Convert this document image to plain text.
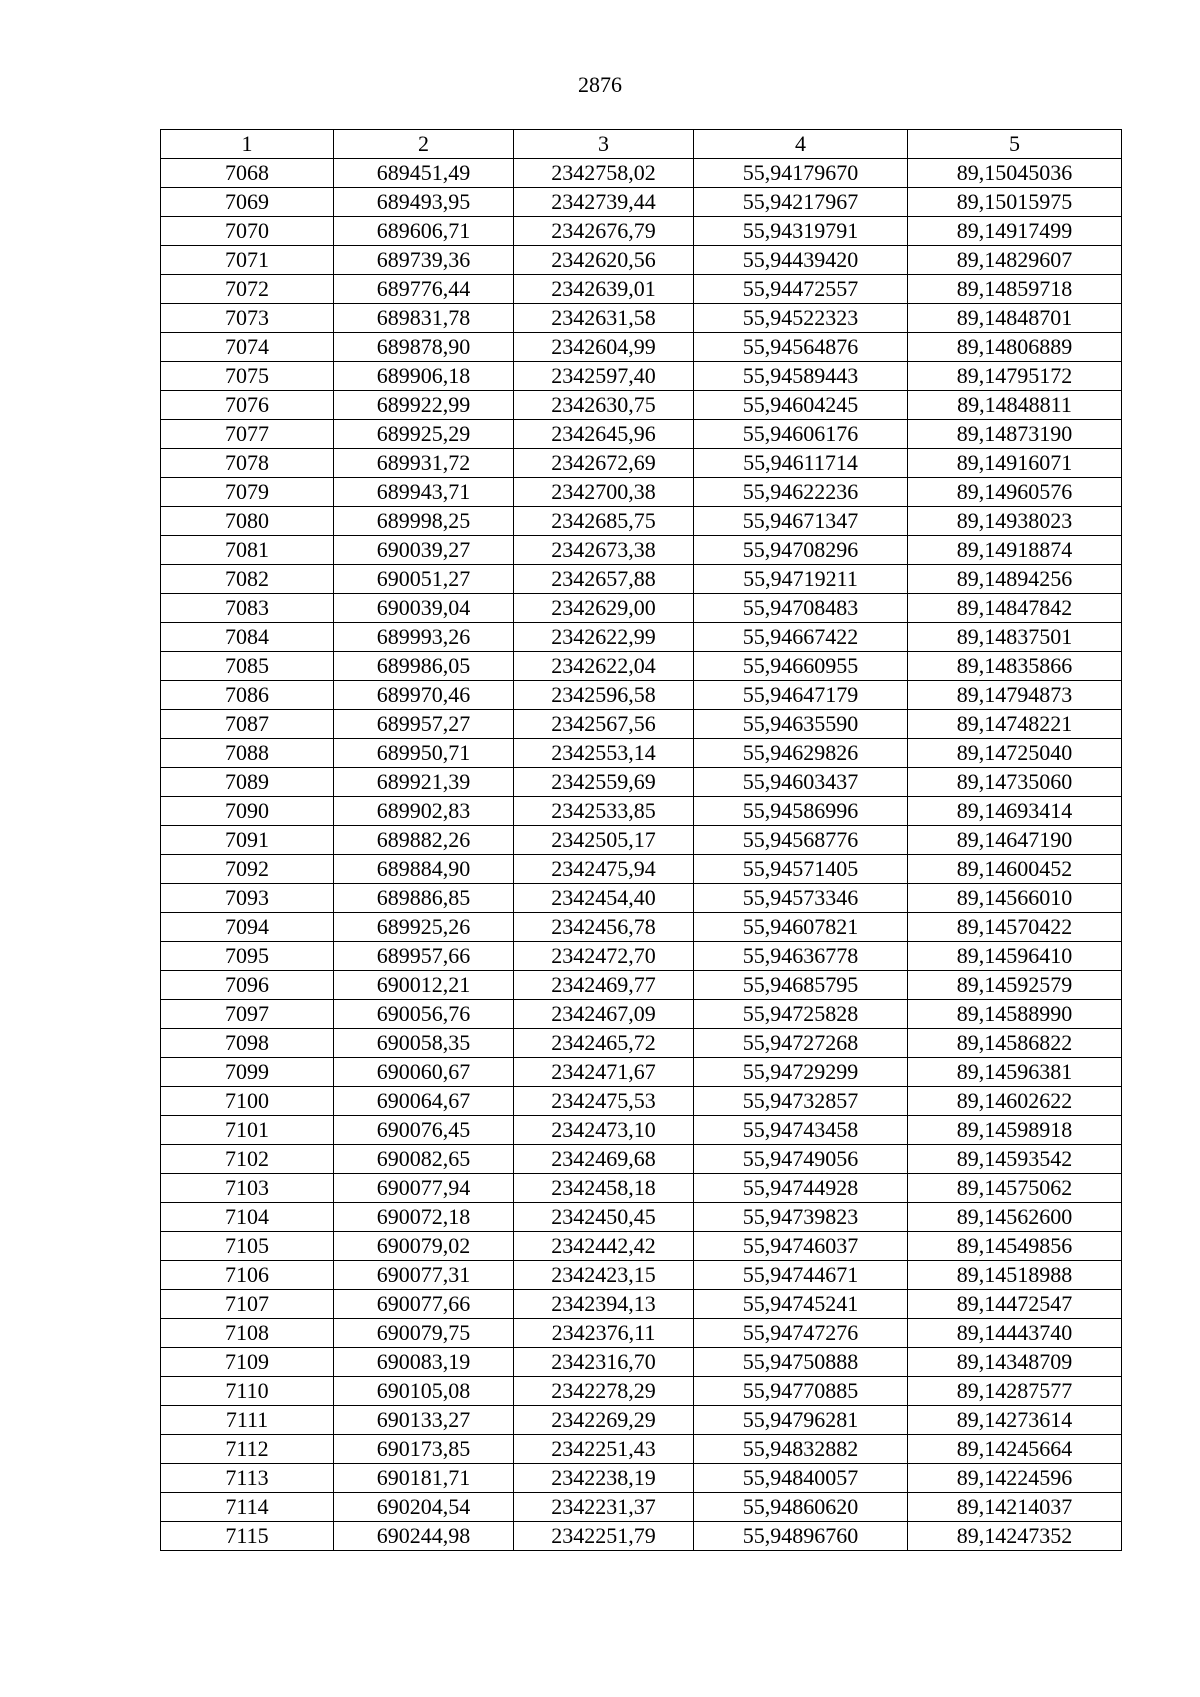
2876
1	2	3	4	5
7068	689451,49	2342758,02	55,94179670	89,15045036
7069	689493,95	2342739,44	55,94217967	89,15015975
7070	689606,71	2342676,79	55,94319791	89,14917499
7071	689739,36	2342620,56	55,94439420	89,14829607
7072	689776,44	2342639,01	55,94472557	89,14859718
7073	689831,78	2342631,58	55,94522323	89,14848701
7074	689878,90	2342604,99	55,94564876	89,14806889
7075	689906,18	2342597,40	55,94589443	89,14795172
7076	689922,99	2342630,75	55,94604245	89,14848811
7077	689925,29	2342645,96	55,94606176	89,14873190
7078	689931,72	2342672,69	55,94611714	89,14916071
7079	689943,71	2342700,38	55,94622236	89,14960576
7080	689998,25	2342685,75	55,94671347	89,14938023
7081	690039,27	2342673,38	55,94708296	89,14918874
7082	690051,27	2342657,88	55,94719211	89,14894256
7083	690039,04	2342629,00	55,94708483	89,14847842
7084	689993,26	2342622,99	55,94667422	89,14837501
7085	689986,05	2342622,04	55,94660955	89,14835866
7086	689970,46	2342596,58	55,94647179	89,14794873
7087	689957,27	2342567,56	55,94635590	89,14748221
7088	689950,71	2342553,14	55,94629826	89,14725040
7089	689921,39	2342559,69	55,94603437	89,14735060
7090	689902,83	2342533,85	55,94586996	89,14693414
7091	689882,26	2342505,17	55,94568776	89,14647190
7092	689884,90	2342475,94	55,94571405	89,14600452
7093	689886,85	2342454,40	55,94573346	89,14566010
7094	689925,26	2342456,78	55,94607821	89,14570422
7095	689957,66	2342472,70	55,94636778	89,14596410
7096	690012,21	2342469,77	55,94685795	89,14592579
7097	690056,76	2342467,09	55,94725828	89,14588990
7098	690058,35	2342465,72	55,94727268	89,14586822
7099	690060,67	2342471,67	55,94729299	89,14596381
7100	690064,67	2342475,53	55,94732857	89,14602622
7101	690076,45	2342473,10	55,94743458	89,14598918
7102	690082,65	2342469,68	55,94749056	89,14593542
7103	690077,94	2342458,18	55,94744928	89,14575062
7104	690072,18	2342450,45	55,94739823	89,14562600
7105	690079,02	2342442,42	55,94746037	89,14549856
7106	690077,31	2342423,15	55,94744671	89,14518988
7107	690077,66	2342394,13	55,94745241	89,14472547
7108	690079,75	2342376,11	55,94747276	89,14443740
7109	690083,19	2342316,70	55,94750888	89,14348709
7110	690105,08	2342278,29	55,94770885	89,14287577
7111	690133,27	2342269,29	55,94796281	89,14273614
7112	690173,85	2342251,43	55,94832882	89,14245664
7113	690181,71	2342238,19	55,94840057	89,14224596
7114	690204,54	2342231,37	55,94860620	89,14214037
7115	690244,98	2342251,79	55,94896760	89,14247352
